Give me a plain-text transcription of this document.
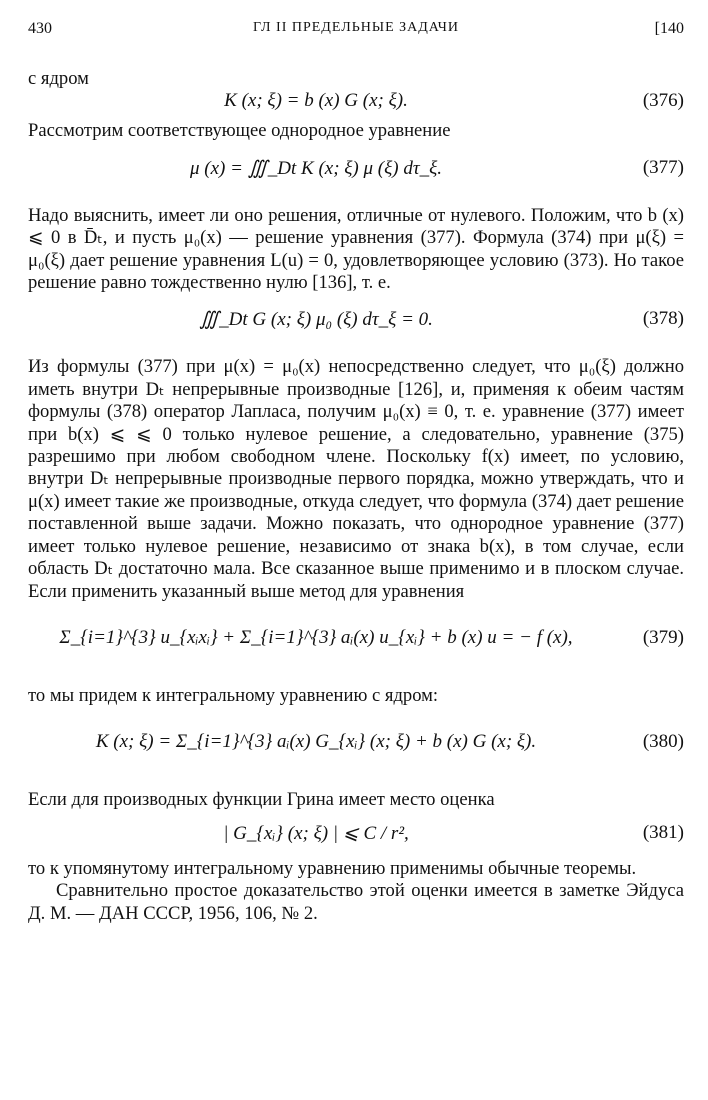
430	ГЛ II ПРЕДЕЛЬНЫЕ ЗАДАЧИ	[140

с ядром

K (x; ξ) = b (x) G (x; ξ).	(376)

Рассмотрим соответствующее однородное уравнение

μ (x) = ∭_Dt K (x; ξ) μ (ξ) dτ_ξ.	(377)

Надо выяснить, имеет ли оно решения, отличные от нулевого. Положим, что b (x) ⩽ 0 в D̄ₜ, и пусть μ₀(x) — решение уравнения (377). Формула (374) при μ(ξ) = μ₀(ξ) дает решение уравнения L(u) = 0, удовлетворяющее условию (373). Но такое решение равно тождественно нулю [136], т. е.

∭_Dt G (x; ξ) μ₀ (ξ) dτ_ξ = 0.	(378)

Из формулы (377) при μ(x) = μ₀(x) непосредственно следует, что μ₀(ξ) должно иметь внутри Dₜ непрерывные производные [126], и, применяя к обеим частям формулы (378) оператор Лапласа, получим μ₀(x) ≡ 0, т. е. уравнение (377) имеет при b(x) ⩽ ⩽ 0 только нулевое решение, а следовательно, уравнение (375) разрешимо при любом свободном члене. Поскольку f(x) имеет, по условию, внутри Dₜ непрерывные производные первого порядка, можно утверждать, что и μ(x) имеет такие же производные, откуда следует, что формула (374) дает решение поставленной выше задачи. Можно показать, что однородное уравнение (377) имеет только нулевое решение, независимо от знака b(x), в том случае, если область Dₜ достаточно мала. Все сказанное выше применимо и в плоском случае. Если применить указанный выше метод для уравнения

Σ_{i=1}^{3} u_{xᵢxᵢ} + Σ_{i=1}^{3} aᵢ(x) u_{xᵢ} + b (x) u = − f (x),	(379)

то мы придем к интегральному уравнению с ядром:

K (x; ξ) = Σ_{i=1}^{3} aᵢ(x) G_{xᵢ} (x; ξ) + b (x) G (x; ξ).	(380)

Если для производных функции Грина имеет место оценка

| G_{xᵢ} (x; ξ) | ⩽ C / r²,	(381)

то к упомянутому интегральному уравнению применимы обычные теоремы.

Сравнительно простое доказательство этой оценки имеется в заметке Эйдуса Д. М. — ДАН СССР, 1956, 106, № 2.
